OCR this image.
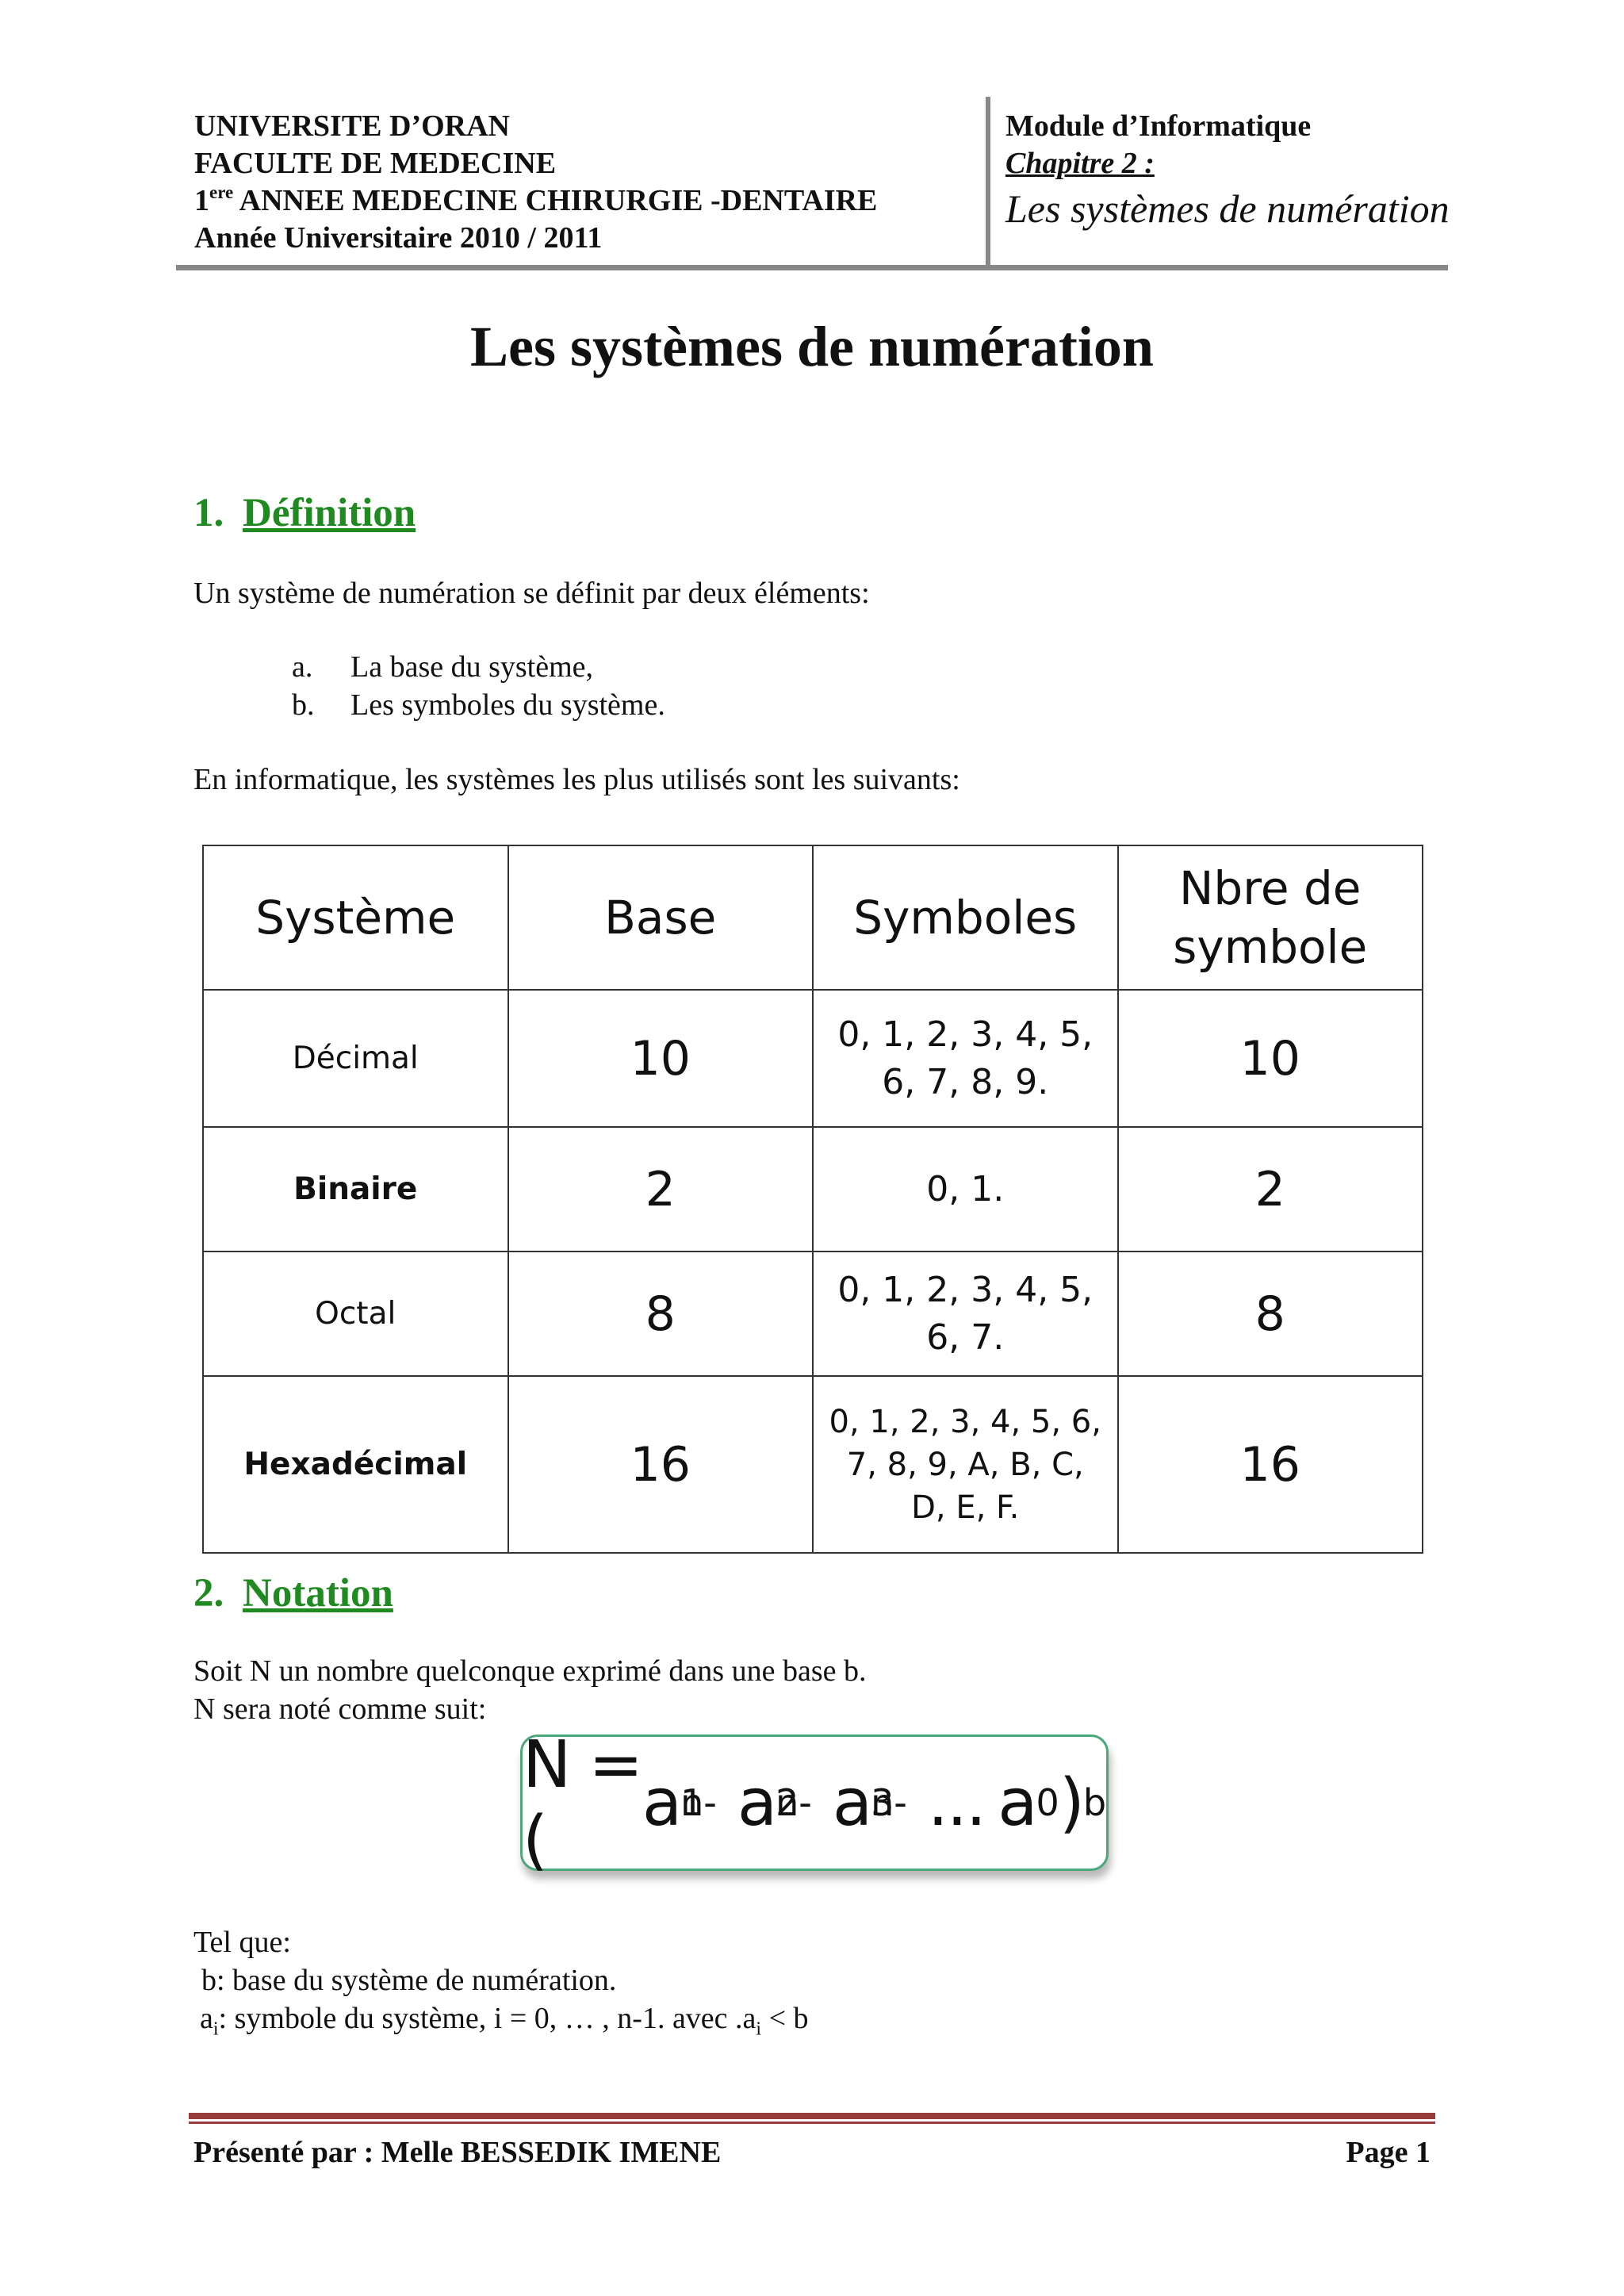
UNIVERSITE D’ORAN
FACULTE DE MEDECINE
1ere ANNEE MEDECINE CHIRURGIE -DENTAIRE
Année Universitaire 2010 / 2011
Module d’Informatique
Chapitre 2 :
Les systèmes de numération
Les systèmes de numération
1. Définition
Un système de numération se définit par deux éléments:
a. La base du système,
b. Les symboles du système.
En informatique, les systèmes les plus utilisés sont les suivants:
Système	Base	Symboles	Nbre de symbole
Décimal	10	0, 1, 2, 3, 4, 5, 6, 7, 8, 9.	10
Binaire	2	0, 1.	2
Octal	8	0, 1, 2, 3, 4, 5, 6, 7.	8
Hexadécimal	16	0, 1, 2, 3, 4, 5, 6, 7, 8, 9, A, B, C, D, E, F.	16
2. Notation
Soit N un nombre quelconque exprimé dans une base b.
N sera noté comme suit:
N = (	a n-1 a n-2 a n-3 ... a 0 ) b
Tel que:
b: base du système de numération.
$a_i$: symbole du système, i = 0, … , n-1. avec $.a_i < b$
Présenté par : Melle BESSEDIK IMENE	Page 1
